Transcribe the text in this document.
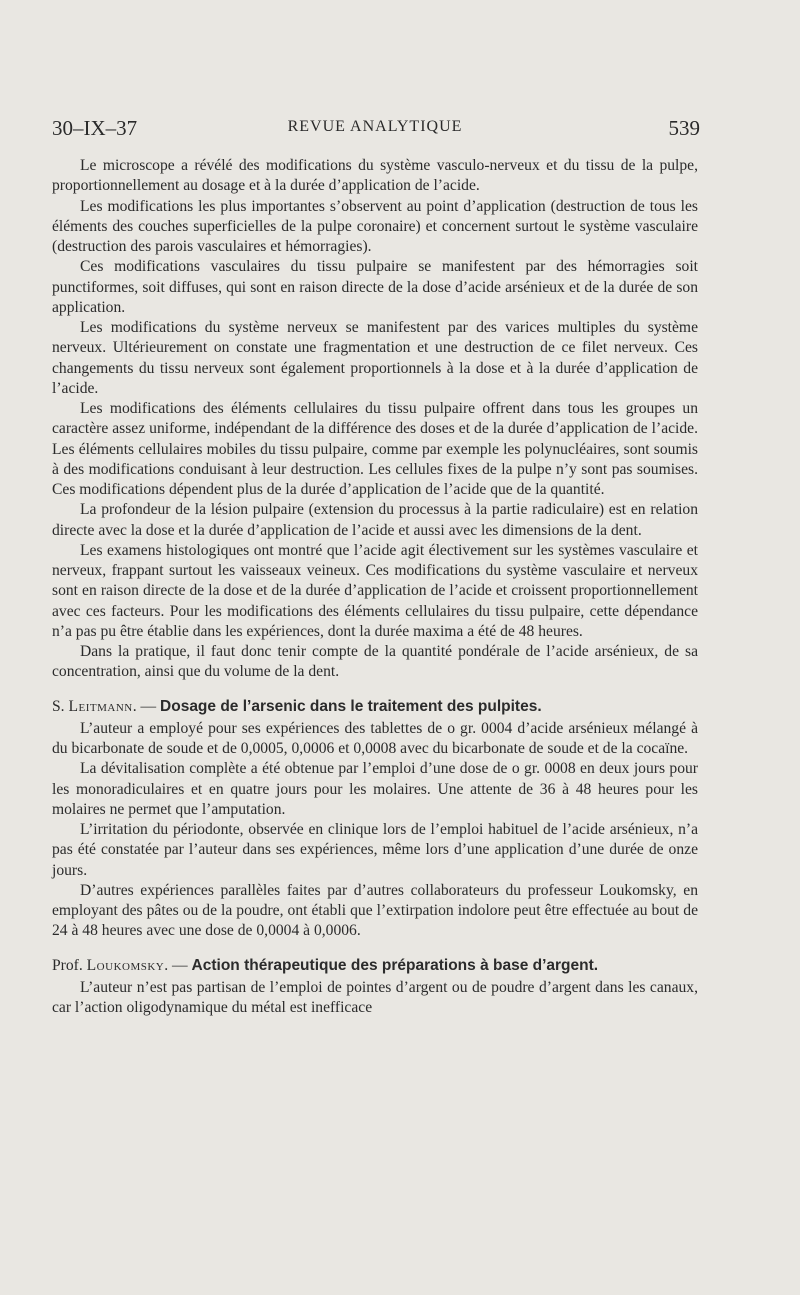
30–IX–37	REVUE ANALYTIQUE	539

Le microscope a révélé des modifications du système vasculo-nerveux et du tissu de la pulpe, proportionnellement au dosage et à la durée d’application de l’acide.

Les modifications les plus importantes s’observent au point d’application (destruction de tous les éléments des couches superficielles de la pulpe coronaire) et concernent surtout le système vasculaire (destruction des parois vasculaires et hémorragies).

Ces modifications vasculaires du tissu pulpaire se manifestent par des hémorragies soit punctiformes, soit diffuses, qui sont en raison directe de la dose d’acide arsénieux et de la durée de son application.

Les modifications du système nerveux se manifestent par des varices multiples du système nerveux. Ultérieurement on constate une fragmentation et une destruction de ce filet nerveux. Ces changements du tissu nerveux sont également proportionnels à la dose et à la durée d’application de l’acide.

Les modifications des éléments cellulaires du tissu pulpaire offrent dans tous les groupes un caractère assez uniforme, indépendant de la différence des doses et de la durée d’application de l’acide. Les éléments cellulaires mobiles du tissu pulpaire, comme par exemple les polynucléaires, sont soumis à des modifications conduisant à leur destruction. Les cellules fixes de la pulpe n’y sont pas soumises. Ces modifications dépendent plus de la durée d’application de l’acide que de la quantité.

La profondeur de la lésion pulpaire (extension du processus à la partie radiculaire) est en relation directe avec la dose et la durée d’application de l’acide et aussi avec les dimensions de la dent.

Les examens histologiques ont montré que l’acide agit électivement sur les systèmes vasculaire et nerveux, frappant surtout les vaisseaux veineux. Ces modifications du système vasculaire et nerveux sont en raison directe de la dose et de la durée d’application de l’acide et croissent proportionnellement avec ces facteurs. Pour les modifications des éléments cellulaires du tissu pulpaire, cette dépendance n’a pas pu être établie dans les expériences, dont la durée maxima a été de 48 heures.

Dans la pratique, il faut donc tenir compte de la quantité pondérale de l’acide arsénieux, de sa concentration, ainsi que du volume de la dent.

S. Leitmann. — Dosage de l’arsenic dans le traitement des pulpites.

L’auteur a employé pour ses expériences des tablettes de o gr. 0004 d’acide arsénieux mélangé à du bicarbonate de soude et de 0,0005, 0,0006 et 0,0008 avec du bicarbonate de soude et de la cocaïne.

La dévitalisation complète a été obtenue par l’emploi d’une dose de o gr. 0008 en deux jours pour les monoradiculaires et en quatre jours pour les molaires. Une attente de 36 à 48 heures pour les molaires ne permet que l’amputation.

L’irritation du périodonte, observée en clinique lors de l’emploi habituel de l’acide arsénieux, n’a pas été constatée par l’auteur dans ses expériences, même lors d’une application d’une durée de onze jours.

D’autres expériences parallèles faites par d’autres collaborateurs du professeur Loukomsky, en employant des pâtes ou de la poudre, ont établi que l’extirpation indolore peut être effectuée au bout de 24 à 48 heures avec une dose de 0,0004 à 0,0006.

Prof. Loukomsky. — Action thérapeutique des préparations à base d’argent.

L’auteur n’est pas partisan de l’emploi de pointes d’argent ou de poudre d’argent dans les canaux, car l’action oligodynamique du métal est inefficace
